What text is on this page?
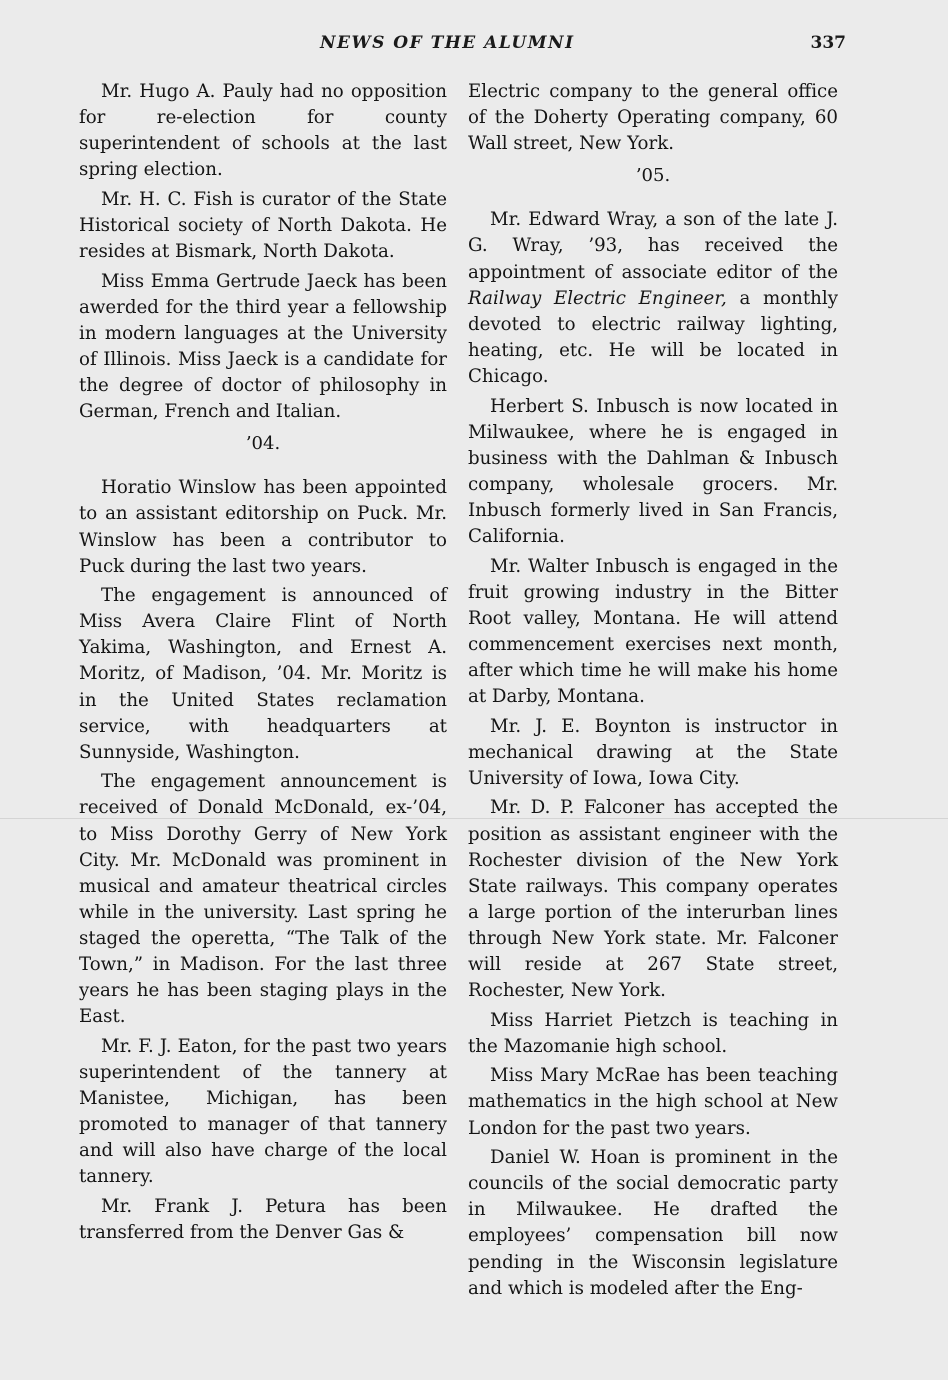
NEWS OF THE ALUMNI	337

Mr. Hugo A. Pauly had no opposition for re-election for county superintendent of schools at the last spring election.

Mr. H. C. Fish is curator of the State Historical society of North Dakota. He resides at Bismark, North Dakota.

Miss Emma Gertrude Jaeck has been awerded for the third year a fellowship in modern languages at the University of Illinois. Miss Jaeck is a candidate for the degree of doctor of philosophy in German, French and Italian.

’04.

Horatio Winslow has been appointed to an assistant editorship on Puck. Mr. Winslow has been a contributor to Puck during the last two years.

The engagement is announced of Miss Avera Claire Flint of North Yakima, Washington, and Ernest A. Moritz, of Madison, ’04. Mr. Moritz is in the United States reclamation service, with headquarters at Sunnyside, Washington.

The engagement announcement is received of Donald McDonald, ex-’04, to Miss Dorothy Gerry of New York City. Mr. McDonald was prominent in musical and amateur theatrical circles while in the university. Last spring he staged the operetta, “The Talk of the Town,” in Madison. For the last three years he has been staging plays in the East.

Mr. F. J. Eaton, for the past two years superintendent of the tannery at Manistee, Michigan, has been promoted to manager of that tannery and will also have charge of the local tannery.

Mr. Frank J. Petura has been transferred from the Denver Gas &

Electric company to the general office of the Doherty Operating company, 60 Wall street, New York.

’05.

Mr. Edward Wray, a son of the late J. G. Wray, ’93, has received the appointment of associate editor of the Railway Electric Engineer, a monthly devoted to electric railway lighting, heating, etc. He will be located in Chicago.

Herbert S. Inbusch is now located in Milwaukee, where he is engaged in business with the Dahlman & Inbusch company, wholesale grocers. Mr. Inbusch formerly lived in San Francis, California.

Mr. Walter Inbusch is engaged in the fruit growing industry in the Bitter Root valley, Montana. He will attend commencement exercises next month, after which time he will make his home at Darby, Montana.

Mr. J. E. Boynton is instructor in mechanical drawing at the State University of Iowa, Iowa City.

Mr. D. P. Falconer has accepted the position as assistant engineer with the Rochester division of the New York State railways. This company operates a large portion of the interurban lines through New York state. Mr. Falconer will reside at 267 State street, Rochester, New York.

Miss Harriet Pietzch is teaching in the Mazomanie high school.

Miss Mary McRae has been teaching mathematics in the high school at New London for the past two years.

Daniel W. Hoan is prominent in the councils of the social democratic party in Milwaukee. He drafted the employees’ compensation bill now pending in the Wisconsin legislature and which is modeled after the Eng-
